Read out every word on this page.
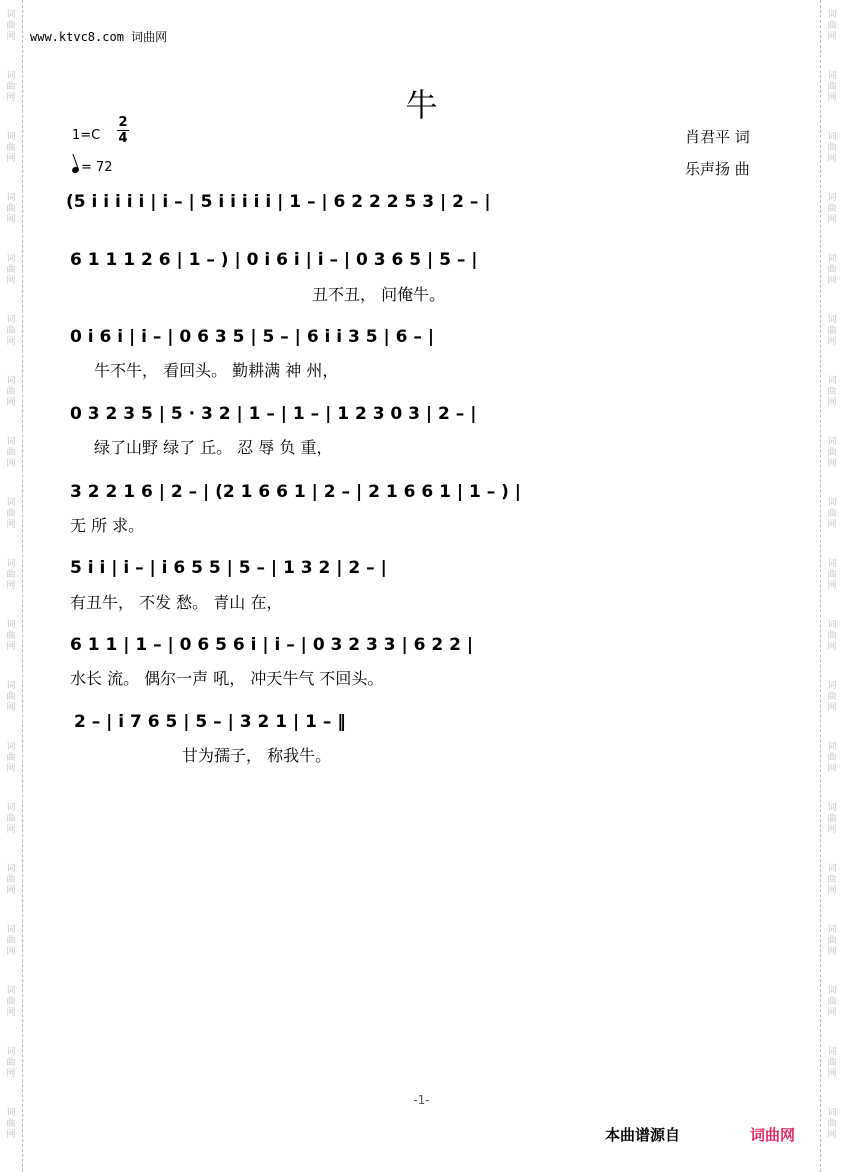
www.ktvc8.com 词曲网
牛
1=C
2
4
= 72
肖君平 词
乐声扬 曲
(5 i i i i i | i – | 5 i i i i i | 1 – | 6 2 2 2 5 3 | 2 – |
6 1 1 1 2 6 | 1 – ) | 0 i 6 i | i – | 0 3 6 5 | 5 – |
丑不丑， 问俺牛。
0 i 6 i | i – | 0 6 3 5 | 5 – | 6 i i 3 5 | 6 – |
牛不牛， 看回头。 勤耕满 神 州，
0 3 2 3 5 | 5 · 3 2 | 1 – | 1 – | 1 2 3 0 3 | 2 – |
绿了山野 绿了 丘。 忍 辱 负 重，
3 2 2 1 6 | 2 – | (2 1 6 6 1 | 2 – | 2 1 6 6 1 | 1 – ) |
无 所 求。
5 i i | i – | i 6 5 5 | 5 – | 1 3 2 | 2 – |
有丑牛， 不发 愁。 青山 在，
6 1 1 | 1 – | 0 6 5 6 i | i – | 0 3 2 3 3 | 6 2 2 |
水长 流。 偶尔一声 吼， 冲天牛气 不回头。
2 – | i 7 6 5 | 5 – | 3 2 1 | 1 – ‖
甘为孺子， 称我牛。
-1-
本曲谱源自	词曲网
词
曲
网
词
曲
网
词
曲
网
词
曲
网
词
曲
网
词
曲
网
词
曲
网
词
曲
网
词
曲
网
词
曲
网
词
曲
网
词
曲
网
词
曲
网
词
曲
网
词
曲
网
词
曲
网
词
曲
网
词
曲
网
词
曲
网
词
曲
网
词
曲
网
词
曲
网
词
曲
网
词
曲
网
词
曲
网
词
曲
网
词
曲
网
词
曲
网
词
曲
网
词
曲
网
词
曲
网
词
曲
网
词
曲
网
词
曲
网
词
曲
网
词
曲
网
词
曲
网
词
曲
网
